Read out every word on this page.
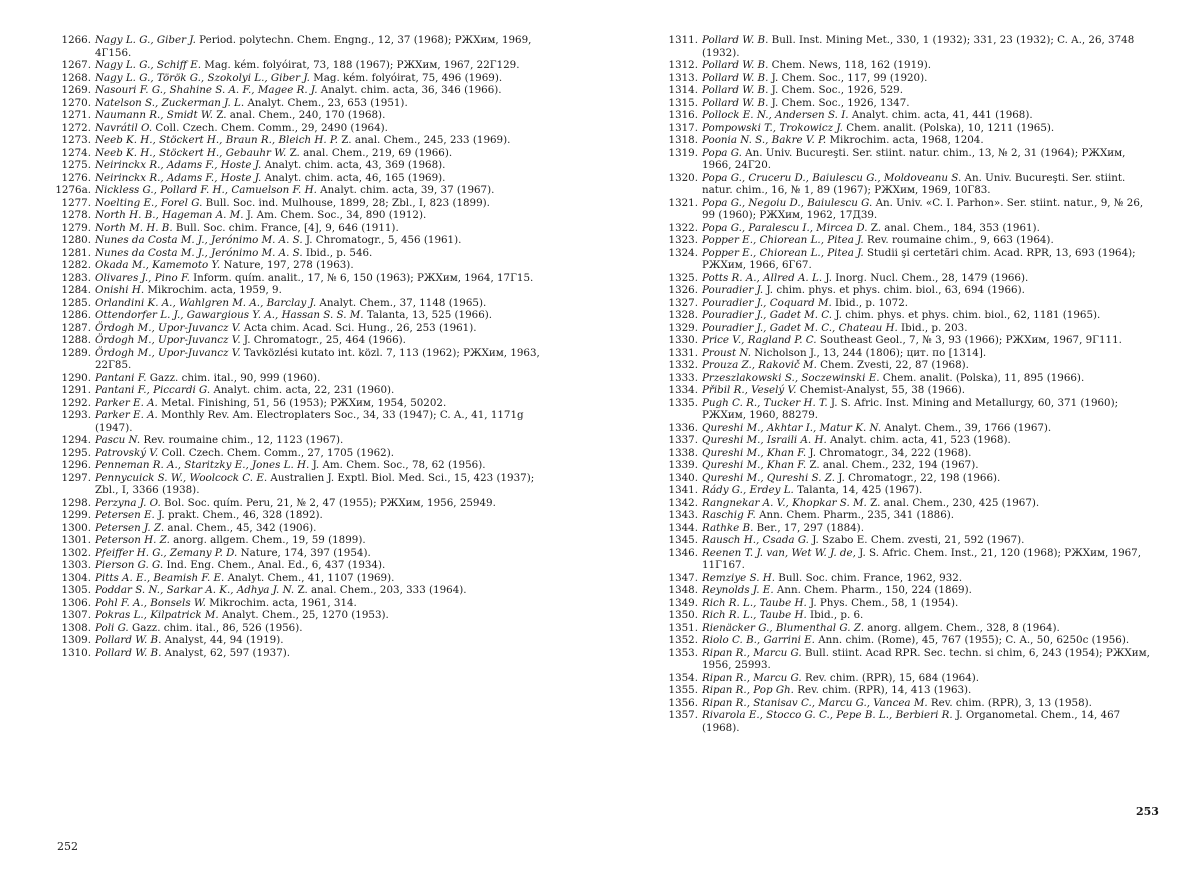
1266. Nagy L. G., Giber J. Period. polytechn. Chem. Engng., 12, 37 (1968); РЖХим, 1969, 4Г156.
1267. Nagy L. G., Schiff E. Mag. kém. folyóirat, 73, 188 (1967); РЖХим, 1967, 22Г129.
1268. Nagy L. G., Török G., Szokolyi L., Giber J. Mag. kém. folyóirat, 75, 496 (1969).
1269. Nasouri F. G., Shahine S. A. F., Magee R. J. Analyt. chim. acta, 36, 346 (1966).
1270. Natelson S., Zuckerman J. L. Analyt. Chem., 23, 653 (1951).
1271. Naumann R., Smidt W. Z. anal. Chem., 240, 170 (1968).
1272. Navrátil O. Coll. Czech. Chem. Comm., 29, 2490 (1964).
1273. Neeb K. H., Stöckert H., Braun R., Bleich H. P. Z. anal. Chem., 245, 233 (1969).
1274. Neeb K. H., Stöckert H., Gebauhr W. Z. anal. Chem., 219, 69 (1966).
1275. Neirinckx R., Adams F., Hoste J. Analyt. chim. acta, 43, 369 (1968).
1276. Neirinckx R., Adams F., Hoste J. Analyt. chim. acta, 46, 165 (1969).
1276a. Nickless G., Pollard F. H., Camuelson F. H. Analyt. chim. acta, 39, 37 (1967).
1277. Noelting E., Forel G. Bull. Soc. ind. Mulhouse, 1899, 28; Zbl., I, 823 (1899).
1278. North H. B., Hageman A. M. J. Am. Chem. Soc., 34, 890 (1912).
1279. North M. H. B. Bull. Soc. chim. France, [4], 9, 646 (1911).
1280. Nunes da Costa M. J., Jerónimo M. A. S. J. Chromatogr., 5, 456 (1961).
1281. Nunes da Costa M. J., Jerónimo M. A. S. Ibid., p. 546.
1282. Okada M., Kamemoto Y. Nature, 197, 278 (1963).
1283. Olivares J., Pino F. Inform. quím. analit., 17, № 6, 150 (1963); РЖХим, 1964, 17Г15.
1284. Onishi H. Mikrochim. acta, 1959, 9.
1285. Orlandini K. A., Wahlgren M. A., Barclay J. Analyt. Chem., 37, 1148 (1965).
1286. Ottendorfer L. J., Gawargious Y. A., Hassan S. S. M. Talanta, 13, 525 (1966).
1287. Ördogh M., Upor-Juvancz V. Acta chim. Acad. Sci. Hung., 26, 253 (1961).
1288. Ördogh M., Upor-Juvancz V. J. Chromatogr., 25, 464 (1966).
1289. Ördogh M., Upor-Juvancz V. Tavközlési kutato int. közl. 7, 113 (1962); РЖХим, 1963, 22Г85.
1290. Pantani F. Gazz. chim. ital., 90, 999 (1960).
1291. Pantani F., Piccardi G. Analyt. chim. acta, 22, 231 (1960).
1292. Parker E. A. Metal. Finishing, 51, 56 (1953); РЖХим, 1954, 50202.
1293. Parker E. A. Monthly Rev. Am. Electroplaters Soc., 34, 33 (1947); C. A., 41, 1171g (1947).
1294. Pascu N. Rev. roumaine chim., 12, 1123 (1967).
1295. Patrovský V. Coll. Czech. Chem. Comm., 27, 1705 (1962).
1296. Penneman R. A., Staritzky E., Jones L. H. J. Am. Chem. Soc., 78, 62 (1956).
1297. Pennycuick S. W., Woolcock C. E. Australien J. Exptl. Biol. Med. Sci., 15, 423 (1937); Zbl., I, 3366 (1938).
1298. Perzyna J. O. Bol. Soc. quím. Peru, 21, № 2, 47 (1955); РЖХим, 1956, 25949.
1299. Petersen E. J. prakt. Chem., 46, 328 (1892).
1300. Petersen J. Z. anal. Chem., 45, 342 (1906).
1301. Peterson H. Z. anorg. allgem. Chem., 19, 59 (1899).
1302. Pfeiffer H. G., Zemany P. D. Nature, 174, 397 (1954).
1303. Pierson G. G. Ind. Eng. Chem., Anal. Ed., 6, 437 (1934).
1304. Pitts A. E., Beamish F. E. Analyt. Chem., 41, 1107 (1969).
1305. Poddar S. N., Sarkar A. K., Adhya J. N. Z. anal. Chem., 203, 333 (1964).
1306. Pohl F. A., Bonsels W. Mikrochim. acta, 1961, 314.
1307. Pokras L., Kilpatrick M. Analyt. Chem., 25, 1270 (1953).
1308. Poli G. Gazz. chim. ital., 86, 526 (1956).
1309. Pollard W. B. Analyst, 44, 94 (1919).
1310. Pollard W. B. Analyst, 62, 597 (1937).
1311. Pollard W. B. Bull. Inst. Mining Met., 330, 1 (1932); 331, 23 (1932); C. A., 26, 3748 (1932).
1312. Pollard W. B. Chem. News, 118, 162 (1919).
1313. Pollard W. B. J. Chem. Soc., 117, 99 (1920).
1314. Pollard W. B. J. Chem. Soc., 1926, 529.
1315. Pollard W. B. J. Chem. Soc., 1926, 1347.
1316. Pollock E. N., Andersen S. I. Analyt. chim. acta, 41, 441 (1968).
1317. Pompowski T., Trokowicz J. Chem. analit. (Polska), 10, 1211 (1965).
1318. Poonia N. S., Bakre V. P. Mikrochim. acta, 1968, 1204.
1319. Popa G. An. Univ. Bucureşti. Ser. stiint. natur. chim., 13, № 2, 31 (1964); РЖХим, 1966, 24Г20.
1320. Popa G., Cruceru D., Baiulescu G., Moldoveanu S. An. Univ. Bucureşti. Ser. stiint. natur. chim., 16, № 1, 89 (1967); РЖХим, 1969, 10Г83.
1321. Popa G., Negoiu D., Baiulescu G. An. Univ. «C. I. Parhon». Ser. stiint. natur., 9, № 26, 99 (1960); РЖХим, 1962, 17Д39.
1322. Popa G., Paralescu I., Mircea D. Z. anal. Chem., 184, 353 (1961).
1323. Popper E., Chiorean L., Pitea J. Rev. roumaine chim., 9, 663 (1964).
1324. Popper E., Chiorean L., Pitea J. Studii şi certetări chim. Acad. RPR, 13, 693 (1964); РЖХим, 1966, 6Г67.
1325. Potts R. A., Allred A. L. J. Inorg. Nucl. Chem., 28, 1479 (1966).
1326. Pouradier J. J. chim. phys. et phys. chim. biol., 63, 694 (1966).
1327. Pouradier J., Coquard M. Ibid., p. 1072.
1328. Pouradier J., Gadet M. C. J. chim. phys. et phys. chim. biol., 62, 1181 (1965).
1329. Pouradier J., Gadet M. C., Chateau H. Ibid., p. 203.
1330. Price V., Ragland P. C. Southeast Geol., 7, № 3, 93 (1966); РЖХим, 1967, 9Г111.
1331. Proust N. Nicholson J., 13, 244 (1806); цит. по [1314].
1332. Prouza Z., Rakovič M. Chem. Zvesti, 22, 87 (1968).
1333. Przeszlakowski S., Soczewinski E. Chem. analit. (Polska), 11, 895 (1966).
1334. Přibil R., Veselý V. Chemist-Analyst, 55, 38 (1966).
1335. Pugh C. R., Tucker H. T. J. S. Afric. Inst. Mining and Metallurgy, 60, 371 (1960); РЖХим, 1960, 88279.
1336. Qureshi M., Akhtar I., Matur K. N. Analyt. Chem., 39, 1766 (1967).
1337. Qureshi M., Israili A. H. Analyt. chim. acta, 41, 523 (1968).
1338. Qureshi M., Khan F. J. Chromatogr., 34, 222 (1968).
1339. Qureshi M., Khan F. Z. anal. Chem., 232, 194 (1967).
1340. Qureshi M., Qureshi S. Z. J. Chromatogr., 22, 198 (1966).
1341. Rády G., Erdey L. Talanta, 14, 425 (1967).
1342. Rangnekar A. V., Khopkar S. M. Z. anal. Chem., 230, 425 (1967).
1343. Raschig F. Ann. Chem. Pharm., 235, 341 (1886).
1344. Rathke B. Ber., 17, 297 (1884).
1345. Rausch H., Csada G. J. Szabo E. Chem. zvesti, 21, 592 (1967).
1346. Reenen T. J. van, Wet W. J. de, J. S. Afric. Chem. Inst., 21, 120 (1968); РЖХим, 1967, 11Г167.
1347. Remziye S. H. Bull. Soc. chim. France, 1962, 932.
1348. Reynolds J. E. Ann. Chem. Pharm., 150, 224 (1869).
1349. Rich R. L., Taube H. J. Phys. Chem., 58, 1 (1954).
1350. Rich R. L., Taube H. Ibid., p. 6.
1351. Rienäcker G., Blumenthal G. Z. anorg. allgem. Chem., 328, 8 (1964).
1352. Riolo C. B., Garrini E. Ann. chim. (Rome), 45, 767 (1955); C. A., 50, 6250c (1956).
1353. Ripan R., Marcu G. Bull. stiint. Acad RPR. Sec. techn. si chim, 6, 243 (1954); РЖХим, 1956, 25993.
1354. Ripan R., Marcu G. Rev. chim. (RPR), 15, 684 (1964).
1355. Ripan R., Pop Gh. Rev. chim. (RPR), 14, 413 (1963).
1356. Ripan R., Stanisav C., Marcu G., Vancea M. Rev. chim. (RPR), 3, 13 (1958).
1357. Rivarola E., Stocco G. C., Pepe B. L., Berbieri R. J. Organometal. Chem., 14, 467 (1968).
252
253
